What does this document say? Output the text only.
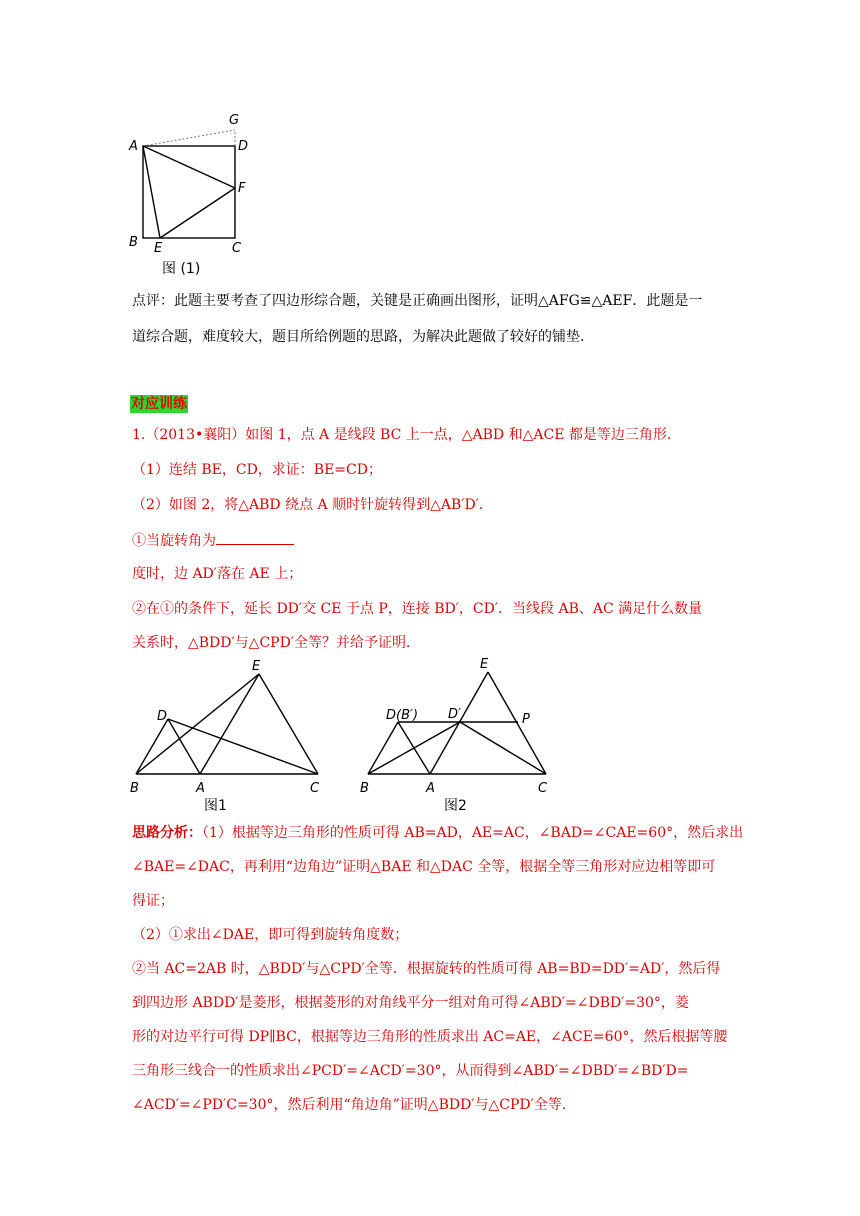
G
A	D
F
B E	C
图 (1)
点评：此题主要考查了四边形综合题，关键是正确画出图形，证明△AFG≌△AEF．此题是一
道综合题，难度较大，题目所给例题的思路，为解决此题做了较好的铺垫．
对应训练
1.（2013•襄阳）如图 1，点 A 是线段 BC 上一点，△ABD 和△ACE 都是等边三角形．
（1）连结 BE，CD，求证：BE=CD；
（2）如图 2，将△ABD 绕点 A 顺时针旋转得到△AB′D′．
①当旋转角为
度时，边 AD′落在 AE 上；
②在①的条件下，延长 DD′交 CE 于点 P，连接 BD′，CD′．当线段 AB、AC 满足什么数量
关系时，△BDD′与△CPD′全等？并给予证明．
E
D
B	A	C
图1
E
D(B′) D′	P
B	A	C
图2
思路分析：（1）根据等边三角形的性质可得 AB=AD，AE=AC，∠BAD=∠CAE=60°，然后求出
∠BAE=∠DAC，再利用“边角边”证明△BAE 和△DAC 全等，根据全等三角形对应边相等即可
得证；
（2）①求出∠DAE，即可得到旋转角度数；
②当 AC=2AB 时，△BDD′与△CPD′全等．根据旋转的性质可得 AB=BD=DD′=AD′，然后得
到四边形 ABDD′是菱形，根据菱形的对角线平分一组对角可得∠ABD′=∠DBD′=30°，菱
形的对边平行可得 DP∥BC，根据等边三角形的性质求出 AC=AE，∠ACE=60°，然后根据等腰
三角形三线合一的性质求出∠PCD′=∠ACD′=30°，从而得到∠ABD′=∠DBD′=∠BD′D=
∠ACD′=∠PD′C=30°，然后利用“角边角”证明△BDD′与△CPD′全等．
